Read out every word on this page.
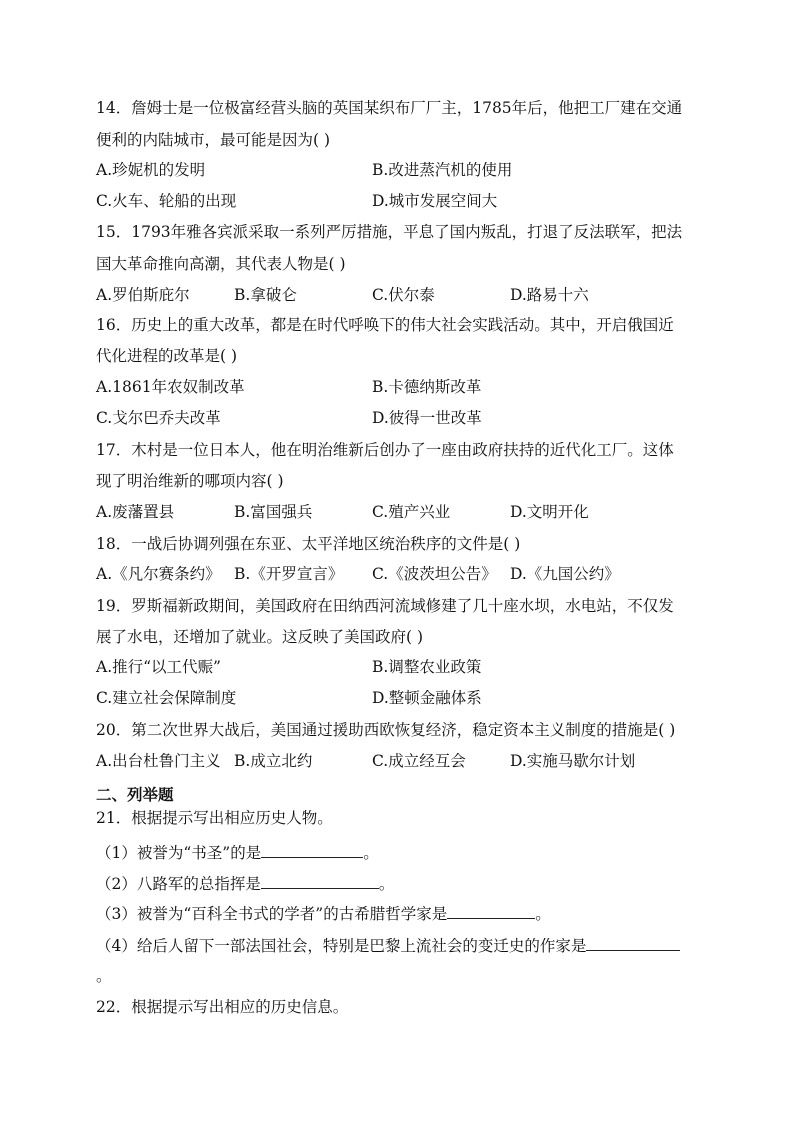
14．詹姆士是一位极富经营头脑的英国某织布厂厂主，1785年后，他把工厂建在交通
便利的内陆城市，最可能是因为( )
A.珍妮机的发明	B.改进蒸汽机的使用
C.火车、轮船的出现	D.城市发展空间大
15．1793年雅各宾派采取一系列严厉措施，平息了国内叛乱，打退了反法联军，把法
国大革命推向高潮，其代表人物是( )
A.罗伯斯庇尔	B.拿破仑	C.伏尔泰	D.路易十六
16．历史上的重大改革，都是在时代呼唤下的伟大社会实践活动。其中，开启俄国近
代化进程的改革是( )
A.1861年农奴制改革	B.卡德纳斯改革
C.戈尔巴乔夫改革	D.彼得一世改革
17．木村是一位日本人，他在明治维新后创办了一座由政府扶持的近代化工厂。这体
现了明治维新的哪项内容( )
A.废藩置县	B.富国强兵	C.殖产兴业	D.文明开化
18．一战后协调列强在东亚、太平洋地区统治秩序的文件是( )
A.《凡尔赛条约》 B.《开罗宣言》 C.《波茨坦公告》 D.《九国公约》
19．罗斯福新政期间，美国政府在田纳西河流域修建了几十座水坝，水电站，不仅发
展了水电，还增加了就业。这反映了美国政府( )
A.推行“以工代赈”	B.调整农业政策
C.建立社会保障制度	D.整顿金融体系
20．第二次世界大战后，美国通过援助西欧恢复经济，稳定资本主义制度的措施是( )
A.出台杜鲁门主义 B.成立北约	C.成立经互会	D.实施马歇尔计划
二、列举题
21．根据提示写出相应历史人物。
（1）被誉为“书圣”的是	。
（2）八路军的总指挥是	。
（3）被誉为“百科全书式的学者”的古希腊哲学家是	。
（4）给后人留下一部法国社会，特别是巴黎上流社会的变迁史的作家是
。
22．根据提示写出相应的历史信息。
